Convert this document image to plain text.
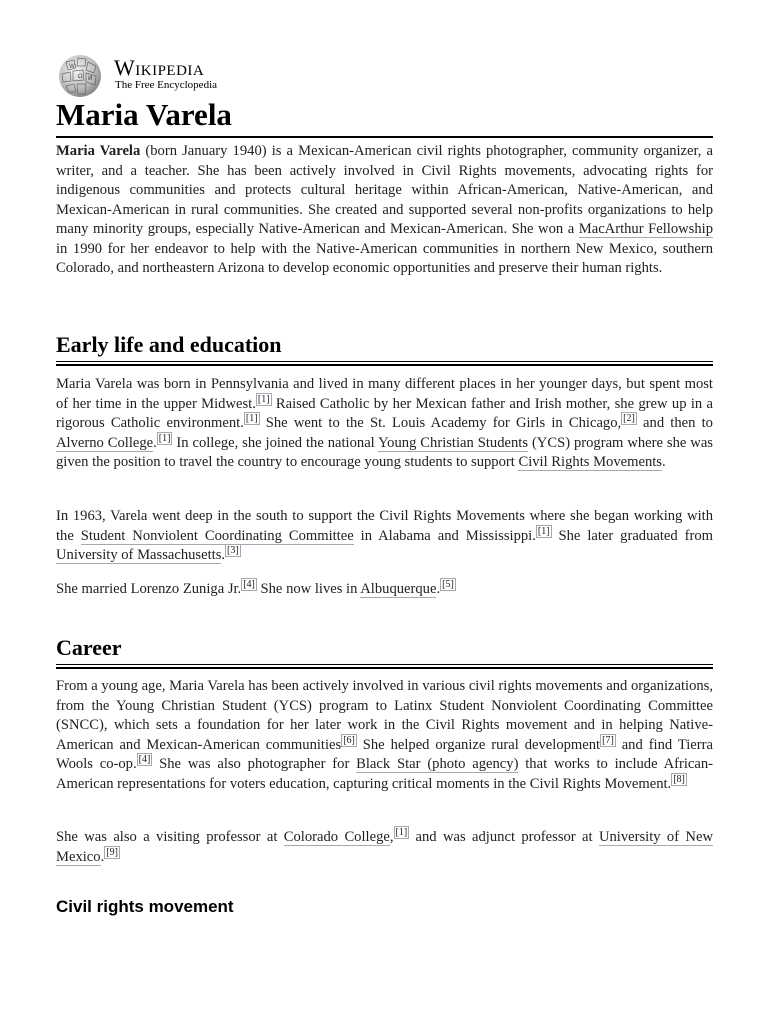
W
Ω И Wikipedia
The Free Encyclopedia
Maria Varela

Maria Varela (born January 1940) is a Mexican-American civil rights photographer, community organizer, a writer, and a teacher. She has been actively involved in Civil Rights movements, advocating rights for indigenous communities and protects cultural heritage within African-American, Native-American, and Mexican-American in rural communities. She created and supported several non-profits organizations to help many minority groups, especially Native-American and Mexican-American. She won a MacArthur Fellowship in 1990 for her endeavor to help with the Native-American communities in northern New Mexico, southern Colorado, and northeastern Arizona to develop economic opportunities and preserve their human rights.

Early life and education

Maria Varela was born in Pennsylvania and lived in many different places in her younger days, but spent most of her time in the upper Midwest. [1] Raised Catholic by her Mexican father and Irish mother, she grew up in a rigorous Catholic environment. [1] She went to the St. Louis Academy for Girls in Chicago, [2] and then to Alverno College. [1] In college, she joined the national Young Christian Students (YCS) program where she was given the position to travel the country to encourage young students to support Civil Rights Movements.

In 1963, Varela went deep in the south to support the Civil Rights Movements where she began working with the Student Nonviolent Coordinating Committee in Alabama and Mississippi. [1] She later graduated from University of Massachusetts. [3]

She married Lorenzo Zuniga Jr. [4] She now lives in Albuquerque. [5]

Career

From a young age, Maria Varela has been actively involved in various civil rights movements and organizations, from the Young Christian Student (YCS) program to Latinx Student Nonviolent Coordinating Committee (SNCC), which sets a foundation for her later work in the Civil Rights movement and in helping Native-American and Mexican-American communities [6] She helped organize rural development [7] and find Tierra Wools co-op. [4] She was also photographer for Black Star (photo agency) that works to include African-American representations for voters education, capturing critical moments in the Civil Rights Movement. [8]

She was also a visiting professor at Colorado College, [1] and was adjunct professor at University of New Mexico. [9]

Civil rights movement
